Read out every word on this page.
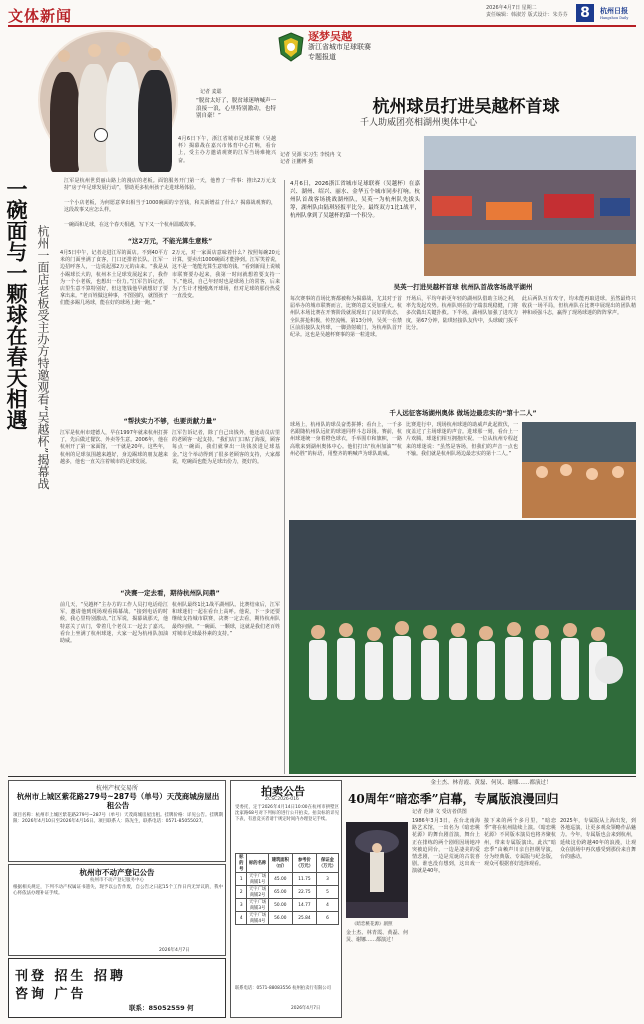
文体新闻	2026年4月7日 星期二
责任编辑：韩淑芳 版式设计：朱芬芬 8	杭州日报
Hangzhou Daily
逐梦吴越
浙江省城市足球联赛
专题报道
记者 麦聪
“脱贫太好了，脱贫球迷呐喊声一浪接一浪，心里特别激动，也特别自豪！”
4月6日下午，浙江省城市足球联赛（吴越杯）揭幕战在嘉兴市体育中心打响，看台上，受主办方邀请观赛的江军当场难掩兴奋。
江军是杭州世贸丽山路上的漫店的老板。面馆服务开门第一天，他曾了一件事：推出2万元支持“房子年足球发展行动”，帮助更多杭州孩子走进球场体验。
一个小店老板，为何愿意拿出相当于1000碗面的辛苦钱，和关新增益了什么？揭幕战观赛的，这段故事又应怎么样。
一碗面和足球，在这个春天相遇，写下又一个杭州温暖故事。
一碗面与一颗球在春天相遇 杭州一面店老板受主办方特邀观看“吴越杯”揭幕战	“这2万元，不能光算生意账”
4月5日中午，记者走进江军的面店。不到40平方米的门面坐满了食客，门口还排着长队。江军一边招呼客人，一边说起那2万元的由来。“我是从小踢球长大的，杭州本土足球发展起来了，我作为一个小老板，也想出一份力。”江军告诉记者，店里生意不算特别好，但这笔钱他早就想好了要拿出来。“老百姓做这种事，不图别的，就图孩子们能多踢几场球，能在好的球场上跑一跑。”
2万元，对一家面店意味着什么？按照每碗20元计算，要卖出1000碗面才能挣到。江军笑着说，这不是一笔能光算生意账的钱。“看到新闻上说城市联赛要办起来，我第一时间就想着要支持一下。”他说，自己年轻时也是球场上的常客，后来为了生计才慢慢离开球场，但对足球的那份热爱一直没变。
“帮扶实力不够，也要贡献力量”
江军是杭州市建德人，早在1997年就来杭州打拼了，先后做过餐饮、外卖等生意。2006年，他在杭州开了第一家面馆，一干就是20年。这些年，杭州的足球氛围越来越好，身边踢球的朋友越来越多，他也一直关注着城市的足球发展。
江军告诉记者，除了自己出钱外，他还动员店里的老顾客一起支持。“我们店门口贴了海报，顾客每点一碗面，我们就拿出一块钱放进足球基金。”这个举动得到了很多老顾客的支持，大家都说，吃碗面也能为足球出份力，挺好的。
“决赛一定去看，期待杭州队问鼎”
前几天，“吴越杯”主办方的工作人员打电话给江军，邀请他到现场观看揭幕战。“接到电话的时候，我心里特别激动。”江军说，揭幕战那天，他特意关了店门，带着几个老员工一起去了嘉兴。看台上坐满了杭州球迷，大家一起为杭州队加油助威。
杭州队最终1比1战平湖州队。比赛结束后，江军和球迷们一起在看台上高呼。他说，下一步还要继续支持城市联赛，决赛一定去看，期待杭州队最终问鼎。“一碗面、一颗球，这就是我们老百姓对城市足球最朴素的支持。”
杭州球员打进吴越杯首球
千人助威团亮相湖州奥体中心
记者 吴源 实习生 李悦冉 文
记者 汪鹏博 摄
4月6日，2026浙江省城市足球联赛（吴越杯）在嘉兴、湖州、绍兴、丽水、金华五个城市同步打响。杭州队首战客场挑战湖州队，吴英一为杭州队先拔头筹，湖州队由陆琪轻扳平比分。最终双方1比1战平，杭州队拿到了吴越杯的第一个积分。
吴英一打进吴越杯首球 杭州队首战客场战平湖州
每次赛事的首场比赛都被称为揭幕战，尤其对于首届举办的城市联赛而言，比赛的意义更加重大。杭州队本场比赛在开赛阶段就展现出了良好的状态，全队拼抢积极，传控流畅。第13分钟，吴英一在禁区前沿接队友传球，一脚劲射破门，为杭州队首开纪录。这也是吴越杯赛事的第一粒进球。
开场后，平均年龄更年轻的湖州队借助主场之利，率先发起攻势。杭州队则在防守端表现稳健，门将多次做出关键扑救。下半场，湖州队加强了进攻力度，第67分钟，陆琪轻接队友传中，头球破门扳平比分。
此后两队互有攻守，均未能再取进球。虽然最终只收获一场平局，但杭州队在比赛中展现出的团队精神和顽强斗志，赢得了现场球迷的阵阵掌声。
千人远征客场湖州奥体 做场边最忠实的“第十二人”
球场上，杭州队的球员奋勇拼搏；看台上，一千多名跟随杭州队远征的球迷同样斗志昂扬。赛前，杭州球迷统一身着橙色球衣，手举围巾和旗帜，一路高歌来到湖州奥体中心。他们打出“杭州加油”“杭州必胜”的标语，用整齐的呐喊声为球队助威。
比赛进行中，现场杭州球迷的助威声此起彼伏，一度盖过了主场球迷的声音。进球那一刻，看台上一片欢腾，球迷们相互拥抱庆祝。一位从杭州专程赶来的球迷说：“虽然是客场，但我们的声音一点也不输。我们就是杭州队场边最忠实的第十二人。”
杭州产权交易所
杭州市上城区紫花路279号~287号（单号）天茂商城房屋出租公告
项目名称：杭州市上城区紫花路279号~287号（单号）天茂商城房屋出租。挂牌价格：详见公告。挂牌期限：2026年4月10日至2026年4月16日。项目联系人：陈先生，联系电话：0571-85055027。
杭州市不动产登记公告
杭州市不动产登记服务中心
根据相关规定，下列不动产权属证书遗失，现予以公告作废，自公告之日起15个工作日内无异议的，我中心将依法办理补证手续。
2026年4月7日
刊登 招生 招聘
咨询 广告
联系：85052559 何
拍卖公告
ZCSC2026-016
受委托，定于2026年4月14日10:00在杭州市拱墅区沈家路68号对下列标的进行公开拍卖。拍卖标的详见下表，有意竞买者请于规定时间内办理登记手续。
标的号	标的名称	建筑面积（㎡）	参考价（万元）	保证金（万元）
1	天宇广场商铺1号	45.00	11.75	3
2	天宇广场商铺2号	65.00	22.75	5
3	天宇广场商铺3号	50.00	14.77	4
4	天宇广场商铺4号	56.00	25.84	6
联系电话：0571-88083556 杭州拍卖行有限公司
2026年4月7日
金士杰、林青霞、黄磊、何炅、谢娜……都演过！
40周年“暗恋季”启幕，专属版浪漫回归
记者 范锋 文 受访者供图
《暗恋桃花源》剧照
1986年3月3日，在台北南海路艺术馆，一出名为《暗恋桃花源》的舞台剧首演，舞台上正在排练的两个剧组因场地冲突被迫同台，一边是凄美的爱情悲剧，一边是荒诞的古装喜剧。谁也没有想到，这出戏一演就是40年。
接下来的两个多月里，“暗恋季”将在杭州陆续上演。《暗恋桃花源》不同版本演员也将齐聚杭州，带来专属版演出。此次“暗恋季”由赖声川亲自担纲导演，分为经典版、专属版与纪念版，观众可根据喜好选择观看。
2025年，专属版从上海出发，到各地巡演，让更多观众领略作品魅力。今年，专属版也会来到杭州，延续这份跨越40年的浪漫，让观众在剧场中再次感受到那份来自舞台的感动。
金士杰、林青霞、黄磊、何炅、谢娜……都演过！
